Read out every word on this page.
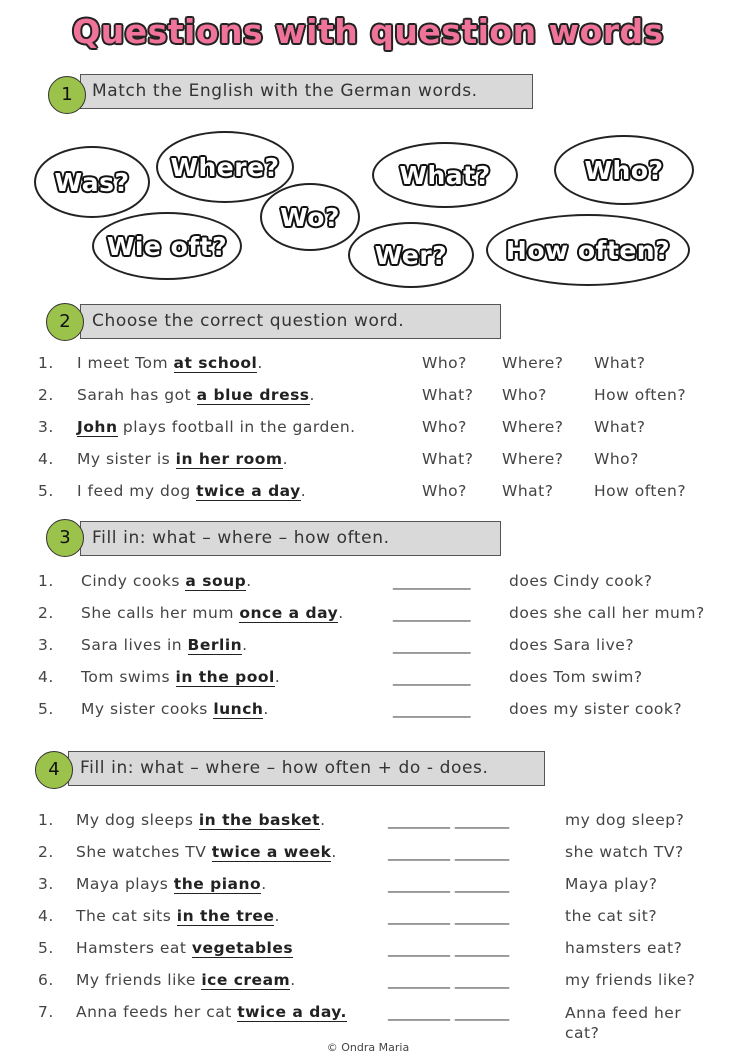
Questions with question words
Match the English with the German words.
1
Was?
Where?
Wo?
What?	Who?
Wie oft?	Wer? How often?
Choose the correct question word.
2
1. I meet Tom at school.	Who? Where? What?
2. Sarah has got a blue dress.	What? Who?	How often?
3. John plays football in the garden.	Who? Where? What?
4. My sister is in her room.	What? Where? Who?
5. I feed my dog twice a day.	Who? What?	How often?
Fill in: what – where – how often.
3
1. Cindy cooks a soup.	__________ does Cindy cook?
2. She calls her mum once a day.	__________ does she call her mum?
3. Sara lives in Berlin.	__________ does Sara live?
4. Tom swims in the pool.	__________ does Tom swim?
5. My sister cooks lunch.	__________ does my sister cook?
Fill in: what – where – how often + do - does.
4
1. My dog sleeps in the basket.	________ _______	my dog sleep?
2. She watches TV twice a week.	________ _______	she watch TV?
3. Maya plays the piano.	________ _______	Maya play?
4. The cat sits in the tree.	________ _______	the cat sit?
5. Hamsters eat vegetables	________ _______	hamsters eat?
6. My friends like ice cream.	________ _______	my friends like?
7. Anna feeds her cat twice a day.	________ _______	Anna feed her cat?
© Ondra Maria
